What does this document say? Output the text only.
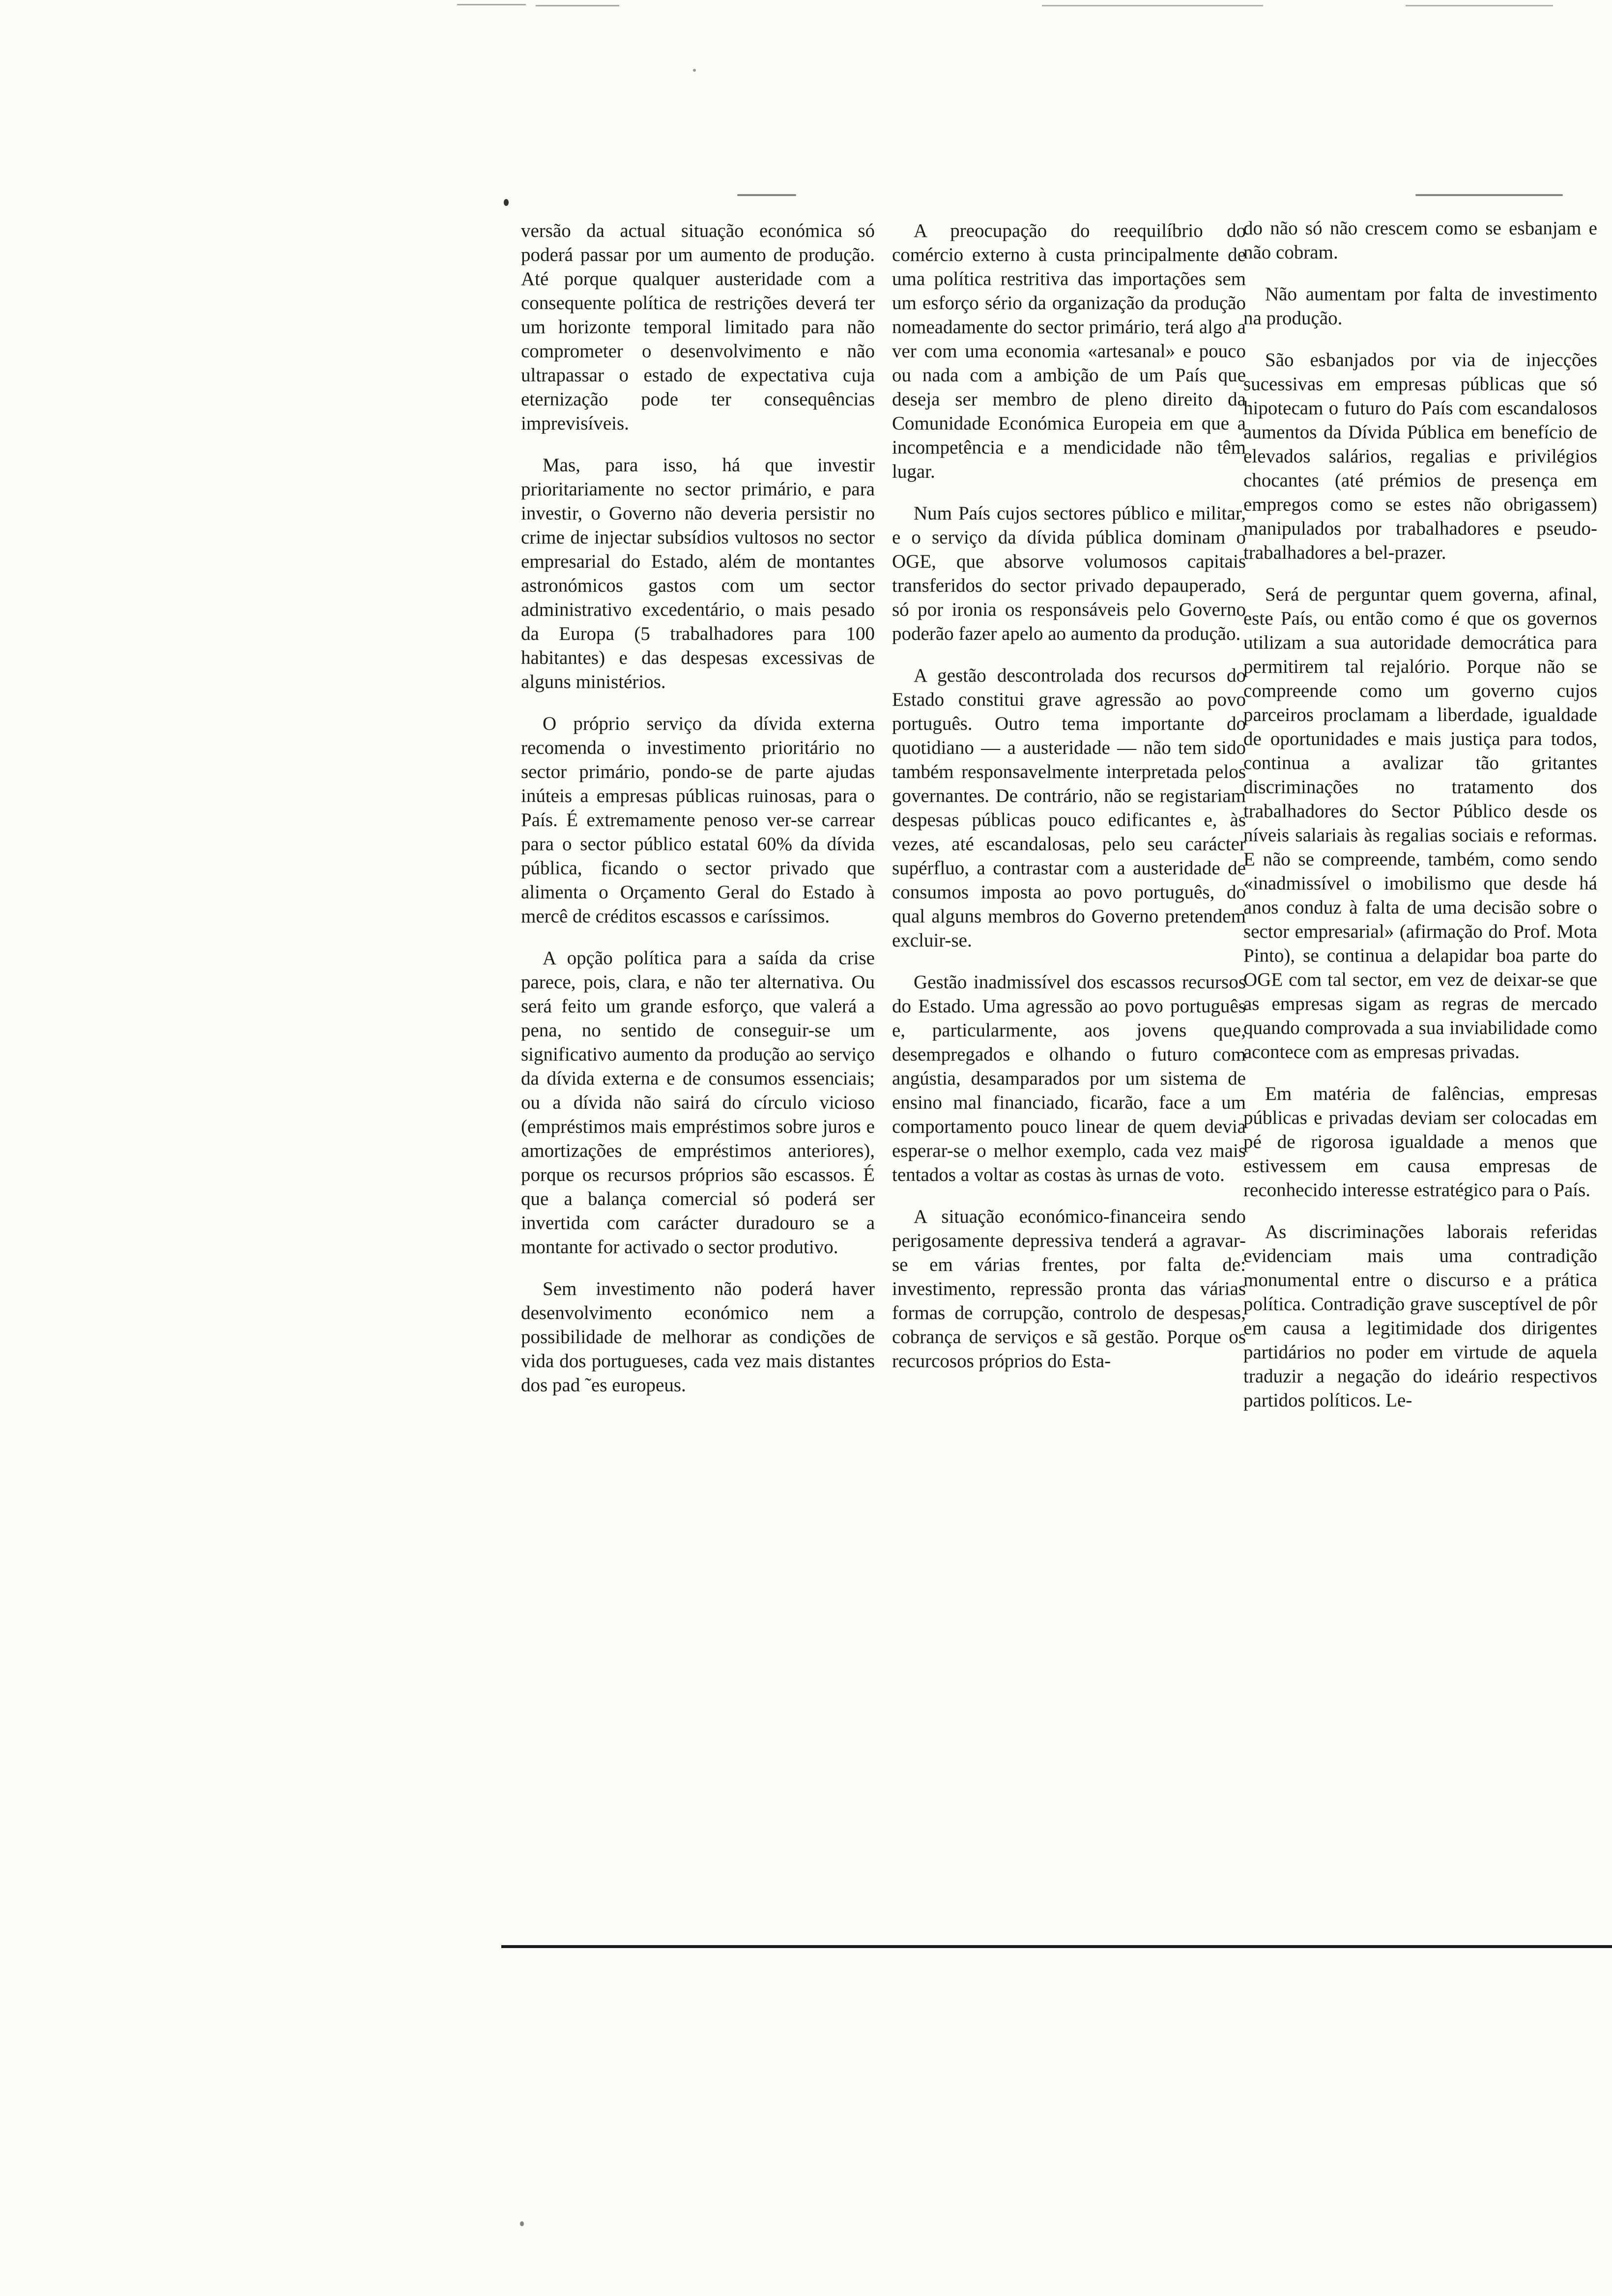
versão da actual situação económica só poderá passar por um aumento de produção. Até porque qualquer austeridade com a consequente política de restrições deverá ter um horizonte temporal limitado para não comprometer o desenvolvimento e não ultrapassar o estado de expectativa cuja eternização pode ter consequências imprevisíveis.

Mas, para isso, há que investir prioritariamente no sector primário, e para investir, o Governo não deveria persistir no crime de injectar subsídios vultosos no sector empresarial do Estado, além de montantes astronómicos gastos com um sector administrativo excedentário, o mais pesado da Europa (5 trabalhadores para 100 habitantes) e das despesas excessivas de alguns ministérios.

O próprio serviço da dívida externa recomenda o investimento prioritário no sector primário, pondo-se de parte ajudas inúteis a empresas públicas ruinosas, para o País. É extremamente penoso ver-se carrear para o sector público estatal 60% da dívida pública, ficando o sector privado que alimenta o Orçamento Geral do Estado à mercê de créditos escassos e caríssimos.

A opção política para a saída da crise parece, pois, clara, e não ter alternativa. Ou será feito um grande esforço, que valerá a pena, no sentido de conseguir-se um significativo aumento da produção ao serviço da dívida externa e de consumos essenciais; ou a dívida não sairá do círculo vicioso (empréstimos mais empréstimos sobre juros e amortizações de empréstimos anteriores), porque os recursos próprios são escassos. É que a balança comercial só poderá ser invertida com carácter duradouro se a montante for activado o sector produtivo.

Sem investimento não poderá haver desenvolvimento económico nem a possibilidade de melhorar as condições de vida dos portugueses, cada vez mais distantes dos pad ˜es europeus.

A preocupação do reequilíbrio do comércio externo à custa principalmente de uma política restritiva das importações sem um esforço sério da organização da produção nomeadamente do sector primário, terá algo a ver com uma economia «artesanal» e pouco ou nada com a ambição de um País que deseja ser membro de pleno direito da Comunidade Económica Europeia em que a incompetência e a mendicidade não têm lugar.

Num País cujos sectores público e militar, e o serviço da dívida pública dominam o OGE, que absorve volumosos capitais transferidos do sector privado depauperado, só por ironia os responsáveis pelo Governo poderão fazer apelo ao aumento da produção.

A gestão descontrolada dos recursos do Estado constitui grave agressão ao povo português. Outro tema importante do quotidiano — a austeridade — não tem sido também responsavelmente interpretada pelos governantes. De contrário, não se registariam despesas públicas pouco edificantes e, às vezes, até escandalosas, pelo seu carácter supérfluo, a contrastar com a austeridade de consumos imposta ao povo português, do qual alguns membros do Governo pretendem excluir-se.

Gestão inadmissível dos escassos recursos do Estado. Uma agressão ao povo português e, particularmente, aos jovens que, desempregados e olhando o futuro com angústia, desamparados por um sistema de ensino mal financiado, ficarão, face a um comportamento pouco linear de quem devia esperar-se o melhor exemplo, cada vez mais tentados a voltar as costas às urnas de voto.

A situação económico-financeira sendo perigosamente depressiva tenderá a agravar-se em várias frentes, por falta de: investimento, repressão pronta das várias formas de corrupção, controlo de despesas, cobrança de serviços e sã gestão. Porque os recurcosos próprios do Esta-

do não só não crescem como se esbanjam e não cobram.

Não aumentam por falta de investimento na produção.

São esbanjados por via de injecções sucessivas em empresas públicas que só hipotecam o futuro do País com escandalosos aumentos da Dívida Pública em benefício de elevados salários, regalias e privilégios chocantes (até prémios de presença em empregos como se estes não obrigassem) manipulados por trabalhadores e pseudo-trabalhadores a bel-prazer.

Será de perguntar quem governa, afinal, este País, ou então como é que os governos utilizam a sua autoridade democrática para permitirem tal rejalório. Porque não se compreende como um governo cujos parceiros proclamam a liberdade, igualdade de oportunidades e mais justiça para todos, continua a avalizar tão gritantes discriminações no tratamento dos trabalhadores do Sector Público desde os níveis salariais às regalias sociais e reformas. E não se compreende, também, como sendo «inadmissível o imobilismo que desde há anos conduz à falta de uma decisão sobre o sector empresarial» (afirmação do Prof. Mota Pinto), se continua a delapidar boa parte do OGE com tal sector, em vez de deixar-se que as empresas sigam as regras de mercado quando comprovada a sua inviabilidade como acontece com as empresas privadas.

Em matéria de falências, empresas públicas e privadas deviam ser colocadas em pé de rigorosa igualdade a menos que estivessem em causa empresas de reconhecido interesse estratégico para o País.

As discriminações laborais referidas evidenciam mais uma contradição monumental entre o discurso e a prática política. Contradição grave susceptível de pôr em causa a legitimidade dos dirigentes partidários no poder em virtude de aquela traduzir a negação do ideário respectivos partidos políticos. Le-
